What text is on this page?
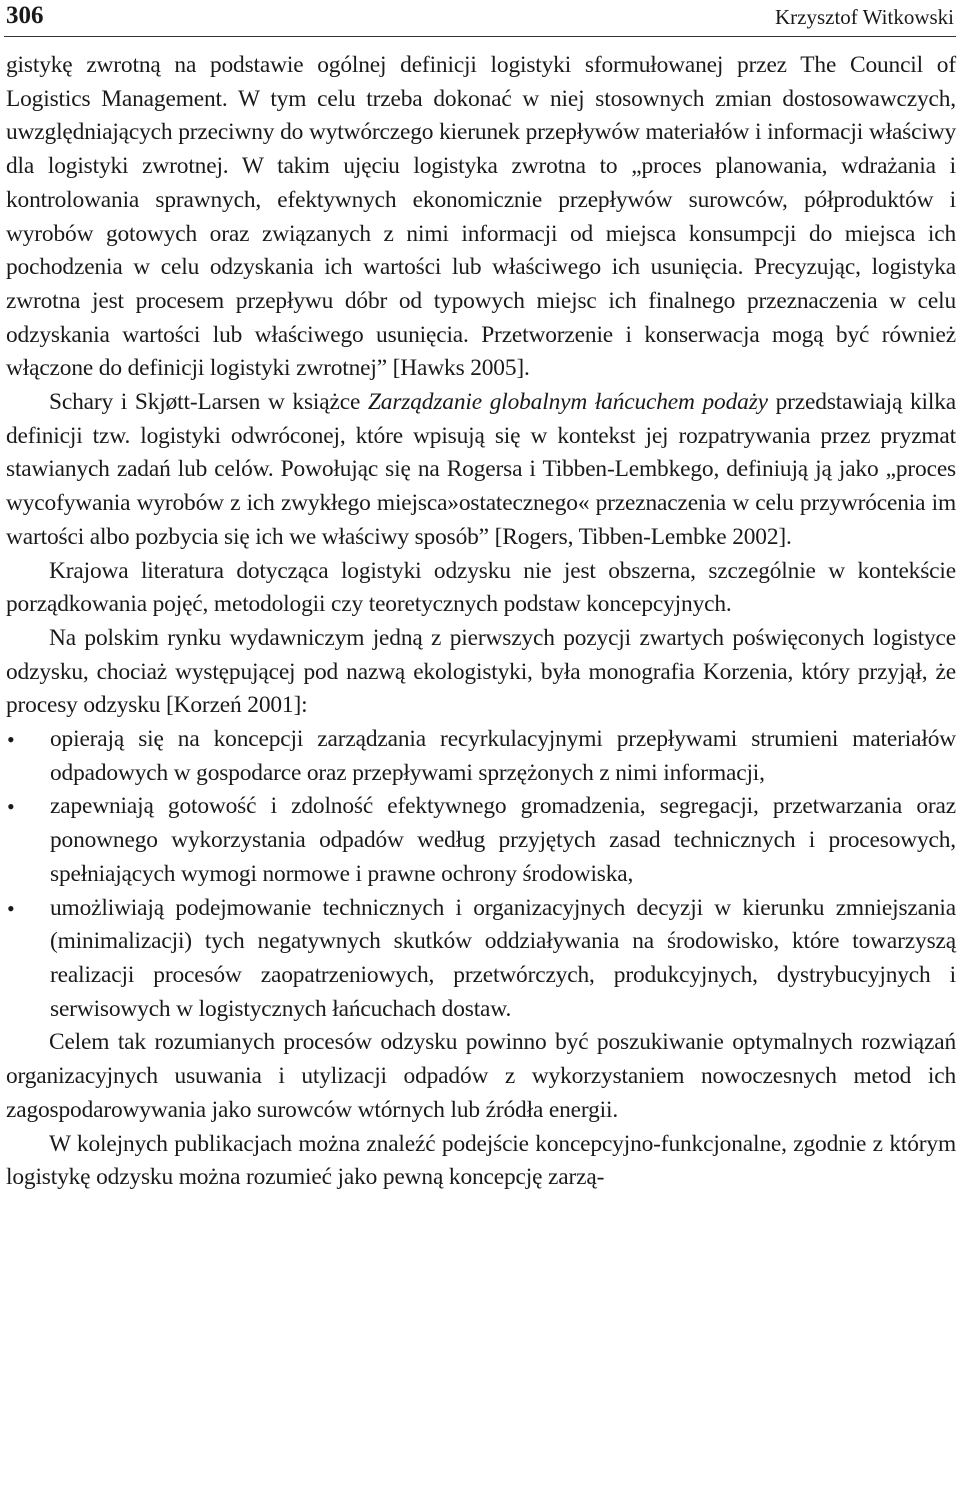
306	Krzysztof Witkowski

gistykę zwrotną na podstawie ogólnej definicji logistyki sformułowanej przez The Council of Logistics Management. W tym celu trzeba dokonać w niej stosownych zmian dostosowawczych, uwzględniających przeciwny do wytwórczego kierunek przepływów materiałów i informacji właściwy dla logistyki zwrotnej. W takim ujęciu logistyka zwrotna to „proces planowania, wdrażania i kontrolowania sprawnych, efektywnych ekonomicznie przepływów surowców, półproduktów i wyrobów gotowych oraz związanych z nimi informacji od miejsca konsumpcji do miejsca ich pochodzenia w celu odzyskania ich wartości lub właściwego ich usunięcia. Precyzując, logistyka zwrotna jest procesem przepływu dóbr od typowych miejsc ich finalnego przeznaczenia w celu odzyskania wartości lub właściwego usunięcia. Przetworzenie i konserwacja mogą być również włączone do definicji logistyki zwrotnej” [Hawks 2005].

Schary i Skjøtt-Larsen w książce Zarządzanie globalnym łańcuchem podaży przedstawiają kilka definicji tzw. logistyki odwróconej, które wpisują się w kontekst jej rozpatrywania przez pryzmat stawianych zadań lub celów. Powołując się na Rogersa i Tibben-Lembkego, definiują ją jako „proces wycofywania wyrobów z ich zwykłego miejsca»ostatecznego« przeznaczenia w celu przywrócenia im wartości albo pozbycia się ich we właściwy sposób” [Rogers, Tibben-Lembke 2002].

Krajowa literatura dotycząca logistyki odzysku nie jest obszerna, szczególnie w kontekście porządkowania pojęć, metodologii czy teoretycznych podstaw koncepcyjnych.

Na polskim rynku wydawniczym jedną z pierwszych pozycji zwartych poświęconych logistyce odzysku, chociaż występującej pod nazwą ekologistyki, była monografia Korzenia, który przyjął, że procesy odzysku [Korzeń 2001]:

• opierają się na koncepcji zarządzania recyrkulacyjnymi przepływami strumieni materiałów odpadowych w gospodarce oraz przepływami sprzężonych z nimi informacji,
• zapewniają gotowość i zdolność efektywnego gromadzenia, segregacji, przetwarzania oraz ponownego wykorzystania odpadów według przyjętych zasad technicznych i procesowych, spełniających wymogi normowe i prawne ochrony środowiska,
• umożliwiają podejmowanie technicznych i organizacyjnych decyzji w kierunku zmniejszania (minimalizacji) tych negatywnych skutków oddziaływania na środowisko, które towarzyszą realizacji procesów zaopatrzeniowych, przetwórczych, produkcyjnych, dystrybucyjnych i serwisowych w logistycznych łańcuchach dostaw.

Celem tak rozumianych procesów odzysku powinno być poszukiwanie optymalnych rozwiązań organizacyjnych usuwania i utylizacji odpadów z wykorzystaniem nowoczesnych metod ich zagospodarowywania jako surowców wtórnych lub źródła energii.

W kolejnych publikacjach można znaleźć podejście koncepcyjno-funkcjonalne, zgodnie z którym logistykę odzysku można rozumieć jako pewną koncepcję zarzą-
